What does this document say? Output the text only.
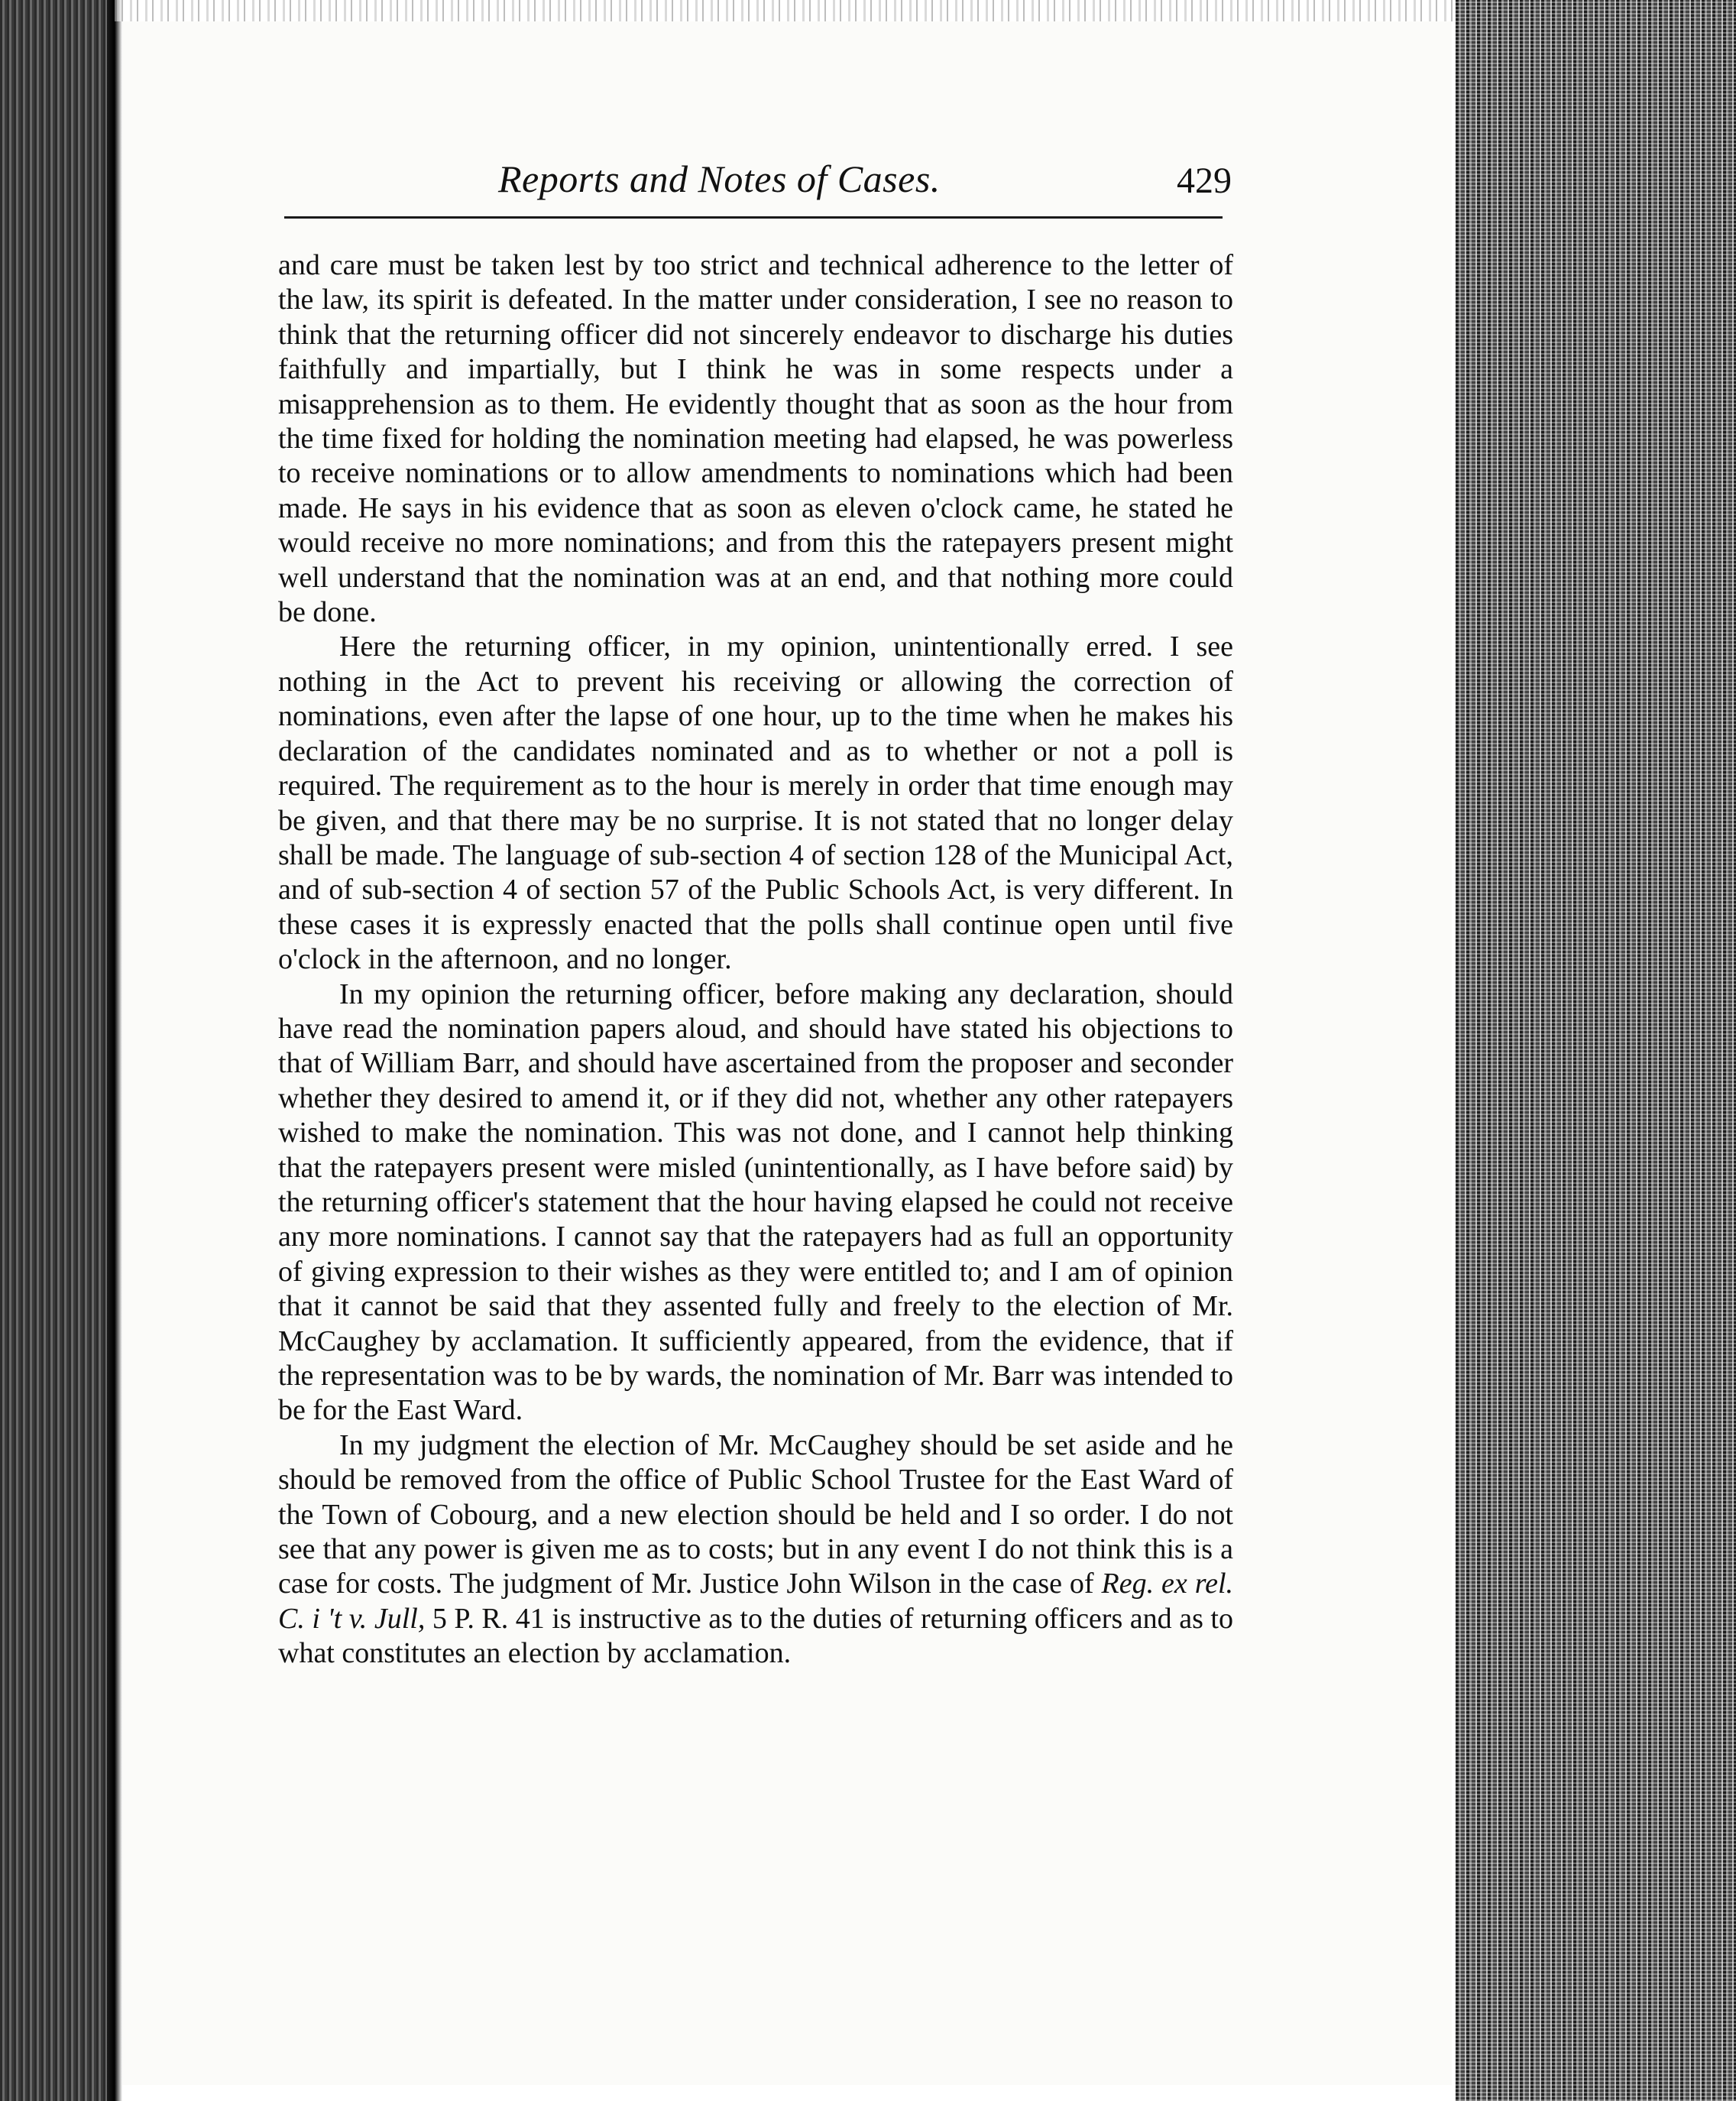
Reports and Notes of Cases.	429

and care must be taken lest by too strict and technical adherence to the letter of the law, its spirit is defeated. In the matter under consideration, I see no reason to think that the returning officer did not sincerely endeavor to discharge his duties faithfully and impartially, but I think he was in some respects under a misapprehension as to them. He evidently thought that as soon as the hour from the time fixed for holding the nomination meeting had elapsed, he was powerless to receive nominations or to allow amendments to nominations which had been made. He says in his evidence that as soon as eleven o'clock came, he stated he would receive no more nominations; and from this the ratepayers present might well understand that the nomination was at an end, and that nothing more could be done.

Here the returning officer, in my opinion, unintentionally erred. I see nothing in the Act to prevent his receiving or allowing the correction of nominations, even after the lapse of one hour, up to the time when he makes his declaration of the candidates nominated and as to whether or not a poll is required. The requirement as to the hour is merely in order that time enough may be given, and that there may be no surprise. It is not stated that no longer delay shall be made. The language of sub-section 4 of section 128 of the Municipal Act, and of sub-section 4 of section 57 of the Public Schools Act, is very different. In these cases it is expressly enacted that the polls shall continue open until five o'clock in the afternoon, and no longer.

In my opinion the returning officer, before making any declaration, should have read the nomination papers aloud, and should have stated his objections to that of William Barr, and should have ascertained from the proposer and seconder whether they desired to amend it, or if they did not, whether any other ratepayers wished to make the nomination. This was not done, and I cannot help thinking that the ratepayers present were misled (unintentionally, as I have before said) by the returning officer's statement that the hour having elapsed he could not receive any more nominations. I cannot say that the ratepayers had as full an opportunity of giving expression to their wishes as they were entitled to; and I am of opinion that it cannot be said that they assented fully and freely to the election of Mr. McCaughey by acclamation. It sufficiently appeared, from the evidence, that if the representation was to be by wards, the nomination of Mr. Barr was intended to be for the East Ward.

In my judgment the election of Mr. McCaughey should be set aside and he should be removed from the office of Public School Trustee for the East Ward of the Town of Cobourg, and a new election should be held and I so order. I do not see that any power is given me as to costs; but in any event I do not think this is a case for costs. The judgment of Mr. Justice John Wilson in the case of Reg. ex rel. C. i 't v. Jull, 5 P. R. 41 is instructive as to the duties of returning officers and as to what constitutes an election by acclamation.
